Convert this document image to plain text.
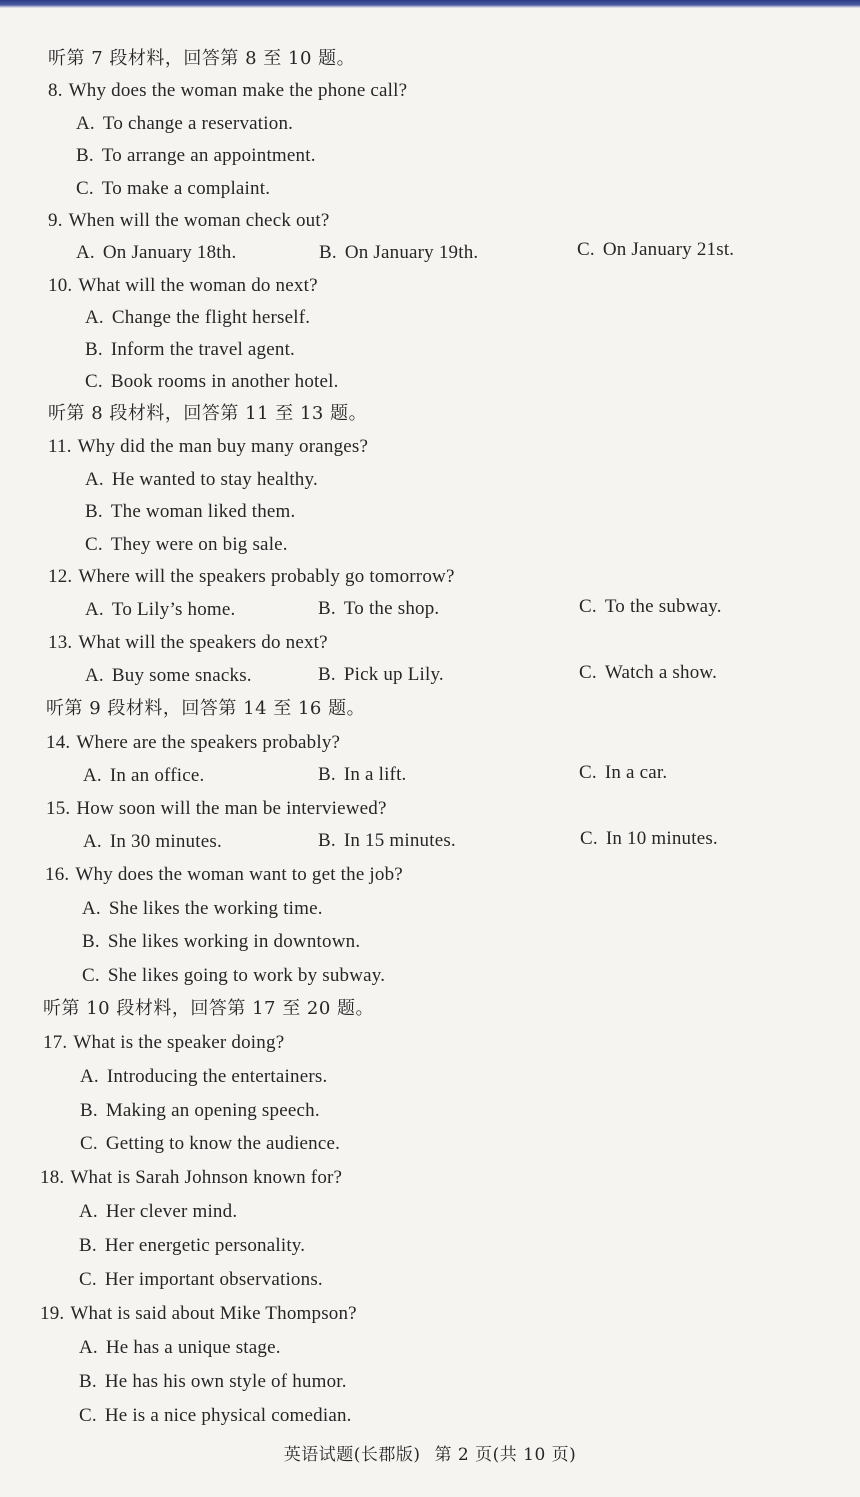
听第 7 段材料，回答第 8 至 10 题。
8. Why does the woman make the phone call?
A. To change a reservation.
B. To arrange an appointment.
C. To make a complaint.
9. When will the woman check out?
A. On January 18th.	B. On January 19th.	C. On January 21st.
10. What will the woman do next?
A. Change the flight herself.
B. Inform the travel agent.
C. Book rooms in another hotel.
听第 8 段材料，回答第 11 至 13 题。
11. Why did the man buy many oranges?
A. He wanted to stay healthy.
B. The woman liked them.
C. They were on big sale.
12. Where will the speakers probably go tomorrow?
A. To Lily’s home.	B. To the shop.	C. To the subway.
13. What will the speakers do next?
A. Buy some snacks.	B. Pick up Lily.	C. Watch a show.
听第 9 段材料，回答第 14 至 16 题。
14. Where are the speakers probably?
A. In an office.	B. In a lift.	C. In a car.
15. How soon will the man be interviewed?
A. In 30 minutes.	B. In 15 minutes.	C. In 10 minutes.
16. Why does the woman want to get the job?
A. She likes the working time.
B. She likes working in downtown.
C. She likes going to work by subway.
听第 10 段材料，回答第 17 至 20 题。
17. What is the speaker doing?
A. Introducing the entertainers.
B. Making an opening speech.
C. Getting to know the audience.
18. What is Sarah Johnson known for?
A. Her clever mind.
B. Her energetic personality.
C. Her important observations.
19. What is said about Mike Thompson?
A. He has a unique stage.
B. He has his own style of humor.
C. He is a nice physical comedian.
英语试题(长郡版) 第 2 页(共 10 页)
